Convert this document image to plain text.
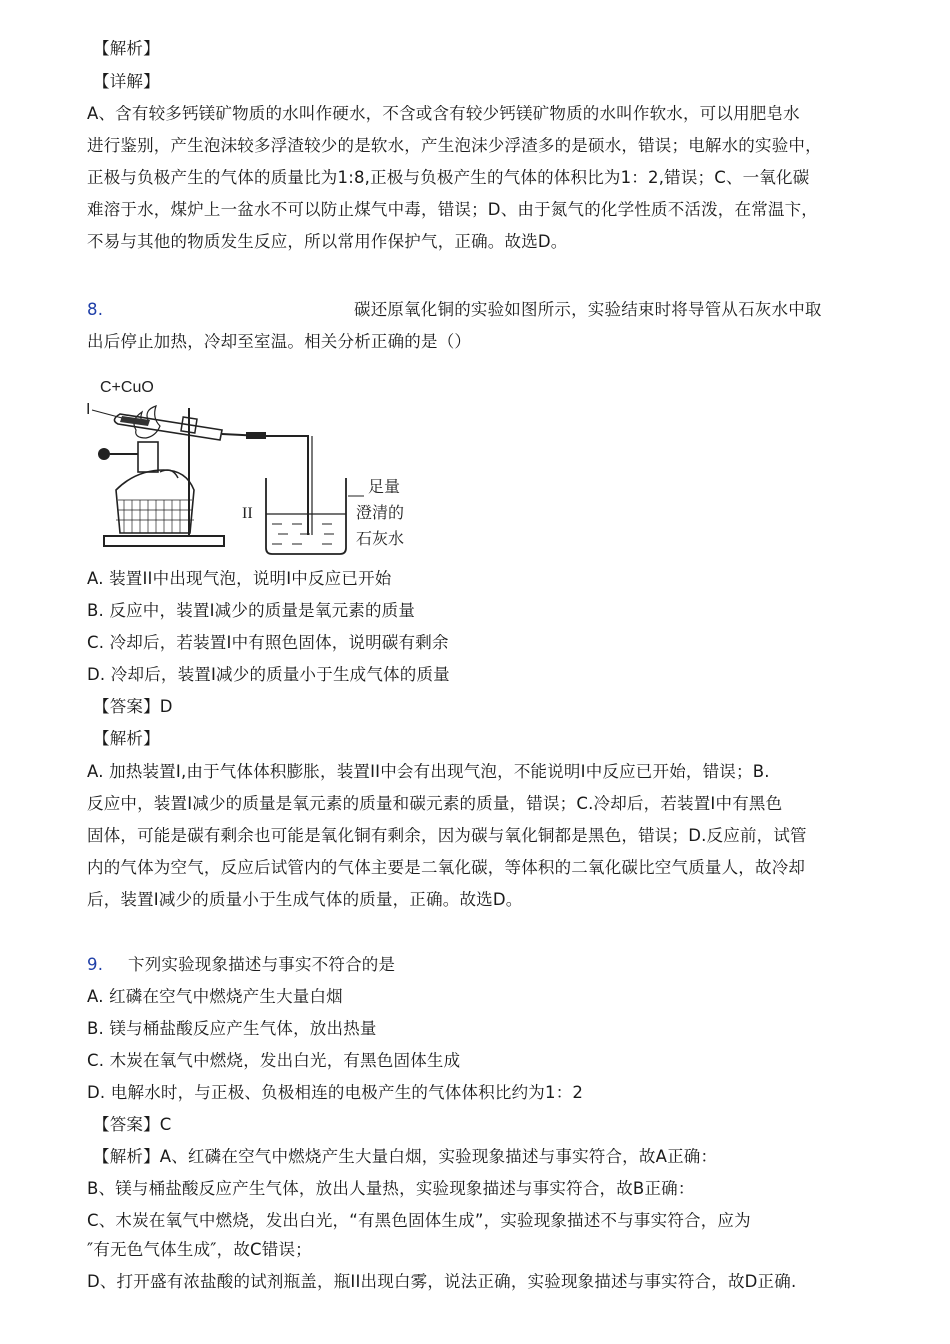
【解析】
【详解】
A、含有较多钙镁矿物质的水叫作硬水，不含或含有较少钙镁矿物质的水叫作软水，可以用肥皂水
进行鉴别，产生泡沫较多浮渣较少的是软水，产生泡沫少浮渣多的是硕水，错误；电解水的实验中，
正极与负极产生的气体的质量比为1:8,正极与负极产生的气体的体积比为1：2,错误；C、一氧化碳
难溶于水，煤炉上一盆水不可以防止煤气中毒，错误；D、由于氮气的化学性质不活泼，在常温卞，
不易与其他的物质发生反应，所以常用作保护气，正确。故选D。
8.	碳还原氧化铜的实验如图所示，实验结束时将导管从石灰水中取
出后停止加热，冷却至室温。相关分析正确的是（）
C+CuO
I
II
足量
澄清的
石灰水
A. 装置II中出现气泡，说明I中反应已开始
B. 反应中，装置I减少的质量是氧元素的质量
C. 冷却后，若装置I中有照色固体，说明碳有剩余
D. 冷却后，装置I减少的质量小于生成气体的质量
【答案】D
【解析】
A. 加热装置I,由于气体体积膨胀，装置II中会有出现气泡，不能说明I中反应已开始，错误；B.
反应中，装置I减少的质量是氧元素的质量和碳元素的质量，错误；C.冷却后，若装置I中有黑色
固体，可能是碳有剩余也可能是氧化铜有剩余，因为碳与氧化铜都是黑色，错误；D.反应前，试管
内的气体为空气，反应后试管内的气体主要是二氧化碳，等体积的二氧化碳比空气质量人，故冷却
后，装置I减少的质量小于生成气体的质量，正确。故选D。
9. 卞列实验现象描述与事实不符合的是
A. 红磷在空气中燃烧产生大量白烟
B. 镁与桶盐酸反应产生气体，放出热量
C. 木炭在氧气中燃烧，发出白光，有黑色固体生成
D. 电解水时，与正极、负极相连的电极产生的气体体积比约为1：2
【答案】C
【解析】A、红磷在空气中燃烧产生大量白烟，实验现象描述与事实符合，故A正确：
B、镁与桶盐酸反应产生气体，放出人量热，实验现象描述与事实符合，故B正确：
C、木炭在氧气中燃烧，发出白光，“有黑色固体生成”，实验现象描述不与事实符合，应为
″有无色气体生成″，故C错误；
D、打开盛有浓盐酸的试剂瓶盖，瓶II出现白雾，说法正确，实验现象描述与事实符合，故D正确.
